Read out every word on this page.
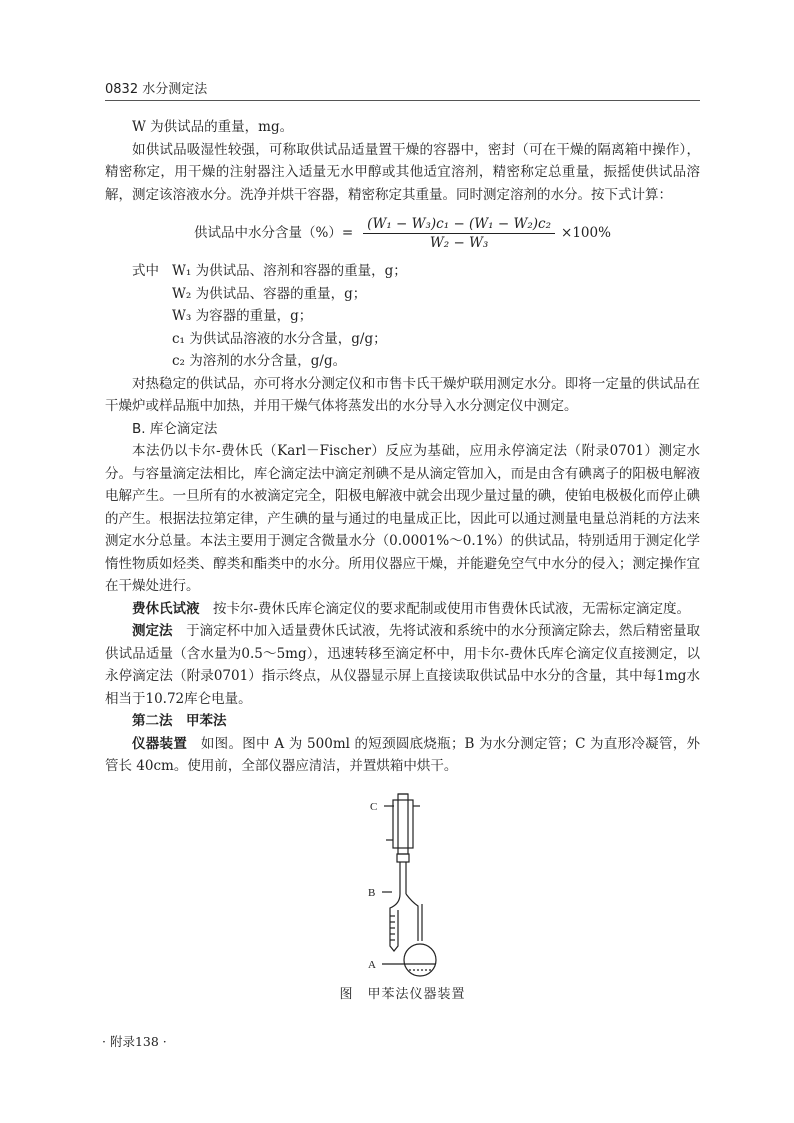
0832 水分测定法

W 为供试品的重量，mg。

如供试品吸湿性较强，可称取供试品适量置干燥的容器中，密封（可在干燥的隔离箱中操作），精密称定，用干燥的注射器注入适量无水甲醇或其他适宜溶剂，精密称定总重量，振摇使供试品溶解，测定该溶液水分。洗净并烘干容器，精密称定其重量。同时测定溶剂的水分。按下式计算：

供试品中水分含量（%）= $\frac{\text{(W₁ − W₃)c₁ − (W₁ − W₂)c₂}}{\text{W₂ − W₃}} \times 100\%$
式中 W₁ 为供试品、溶剂和容器的重量，g；
W₂ 为供试品、容器的重量，g；
W₃ 为容器的重量，g；
c₁ 为供试品溶液的水分含量，g/g；
c₂ 为溶剂的水分含量，g/g。

对热稳定的供试品，亦可将水分测定仪和市售卡氏干燥炉联用测定水分。即将一定量的供试品在干燥炉或样品瓶中加热，并用干燥气体将蒸发出的水分导入水分测定仪中测定。

B. 库仑滴定法

本法仍以卡尔-费休氏（Karl－Fischer）反应为基础，应用永停滴定法（附录0701）测定水分。与容量滴定法相比，库仑滴定法中滴定剂碘不是从滴定管加入，而是由含有碘离子的阳极电解液电解产生。一旦所有的水被滴定完全，阳极电解液中就会出现少量过量的碘，使铂电极极化而停止碘的产生。根据法拉第定律，产生碘的量与通过的电量成正比，因此可以通过测量电量总消耗的方法来测定水分总量。本法主要用于测定含微量水分（0.0001%～0.1%）的供试品，特别适用于测定化学惰性物质如烃类、醇类和酯类中的水分。所用仪器应干燥，并能避免空气中水分的侵入；测定操作宜在干燥处进行。

费休氏试液　 按卡尔-费休氏库仑滴定仪的要求配制或使用市售费休氏试液，无需标定滴定度。

测定法　 于滴定杯中加入适量费休氏试液，先将试液和系统中的水分预滴定除去，然后精密量取供试品适量（含水量为0.5～5mg），迅速转移至滴定杯中，用卡尔-费休氏库仑滴定仪直接测定，以永停滴定法（附录0701）指示终点，从仪器显示屏上直接读取供试品中水分的含量，其中每1mg水相当于10.72库仑电量。

第二法　甲苯法

仪器装置　 如图。图中 A 为 500ml 的短颈圆底烧瓶；B 为水分测定管；C 为直形冷凝管，外管长 40cm。使用前，全部仪器应清洁，并置烘箱中烘干。

C
B
A
图　甲苯法仪器装置
· 附录138 ·
